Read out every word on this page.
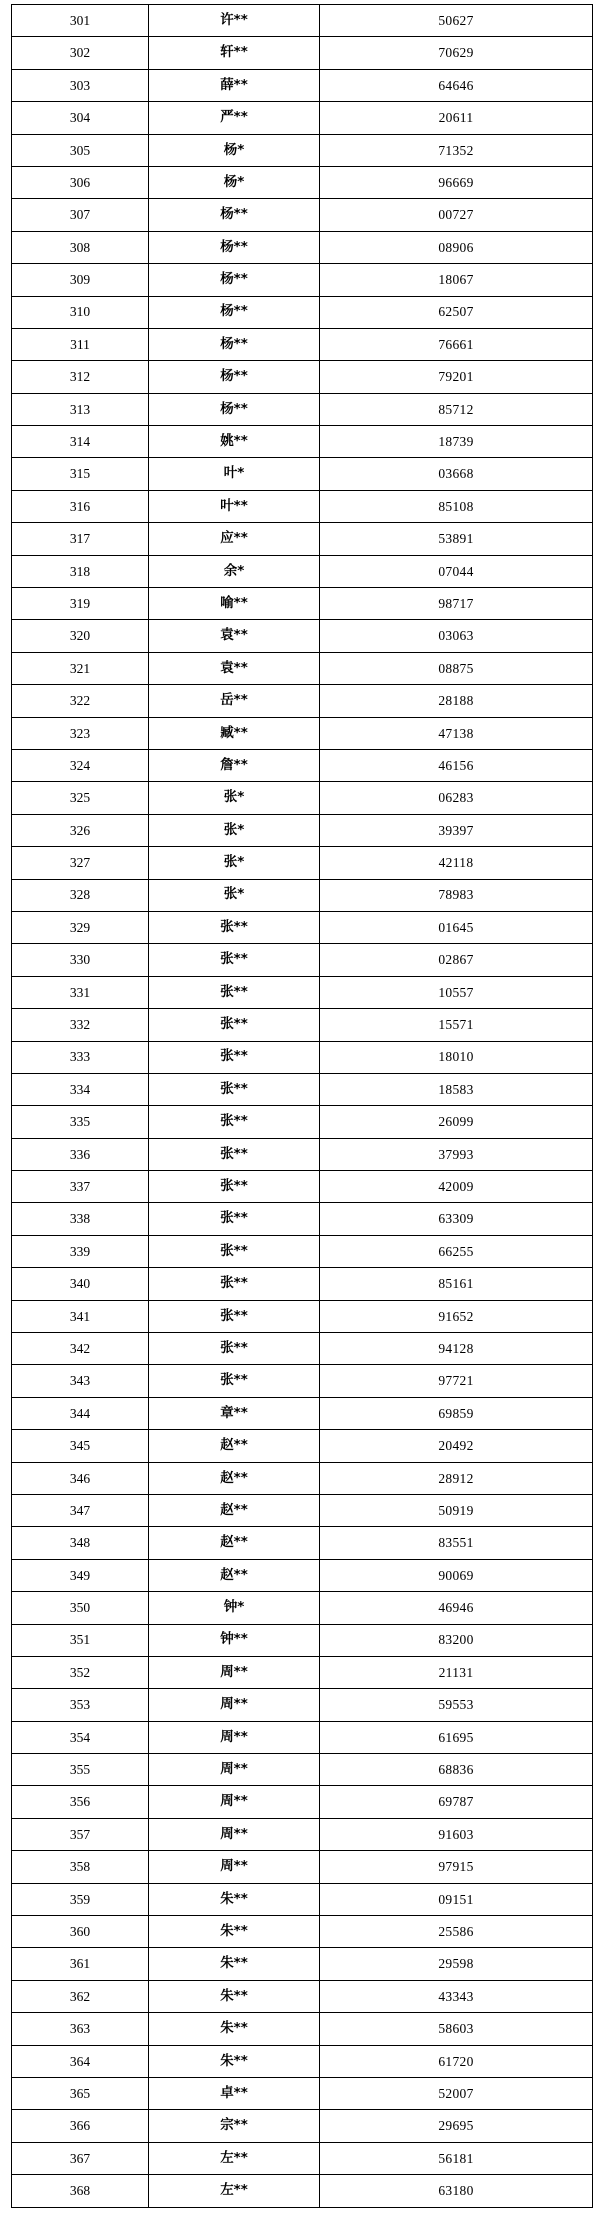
301	许**	50627
302	轩**	70629
303	薛**	64646
304	严**	20611
305	杨*	71352
306	杨*	96669
307	杨**	00727
308	杨**	08906
309	杨**	18067
310	杨**	62507
311	杨**	76661
312	杨**	79201
313	杨**	85712
314	姚**	18739
315	叶*	03668
316	叶**	85108
317	应**	53891
318	余*	07044
319	喻**	98717
320	袁**	03063
321	袁**	08875
322	岳**	28188
323	臧**	47138
324	詹**	46156
325	张*	06283
326	张*	39397
327	张*	42118
328	张*	78983
329	张**	01645
330	张**	02867
331	张**	10557
332	张**	15571
333	张**	18010
334	张**	18583
335	张**	26099
336	张**	37993
337	张**	42009
338	张**	63309
339	张**	66255
340	张**	85161
341	张**	91652
342	张**	94128
343	张**	97721
344	章**	69859
345	赵**	20492
346	赵**	28912
347	赵**	50919
348	赵**	83551
349	赵**	90069
350	钟*	46946
351	钟**	83200
352	周**	21131
353	周**	59553
354	周**	61695
355	周**	68836
356	周**	69787
357	周**	91603
358	周**	97915
359	朱**	09151
360	朱**	25586
361	朱**	29598
362	朱**	43343
363	朱**	58603
364	朱**	61720
365	卓**	52007
366	宗**	29695
367	左**	56181
368	左**	63180
